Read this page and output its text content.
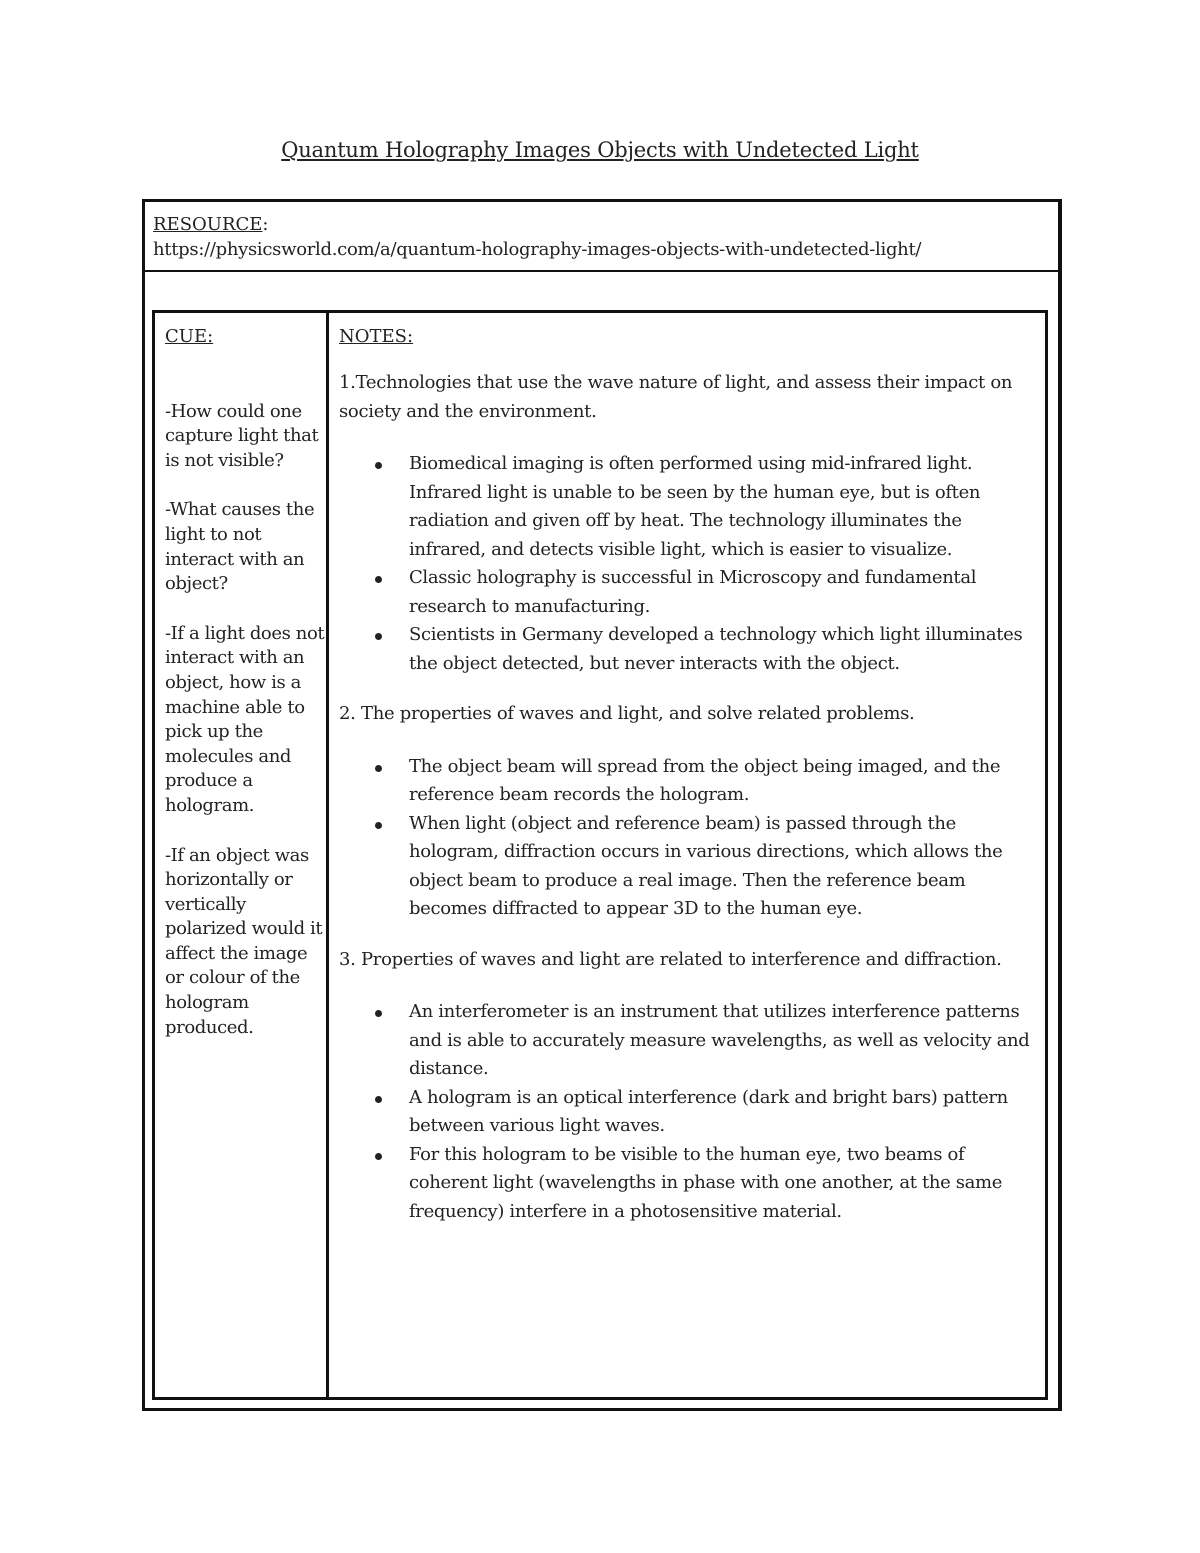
Quantum Holography Images Objects with Undetected Light
RESOURCE:
https://physicsworld.com/a/quantum-holography-images-objects-with-undetected-light/
CUE:
-How could one capture light that is not visible?
-What causes the light to not interact with an object?
-If a light does not interact with an object, how is a machine able to pick up the molecules and produce a hologram.
-If an object was horizontally or vertically polarized would it affect the image or colour of the hologram produced.
NOTES:
1.Technologies that use the wave nature of light, and assess their impact on society and the environment.
Biomedical imaging is often performed using mid-infrared light. Infrared light is unable to be seen by the human eye, but is often radiation and given off by heat. The technology illuminates the infrared, and detects visible light, which is easier to visualize.
Classic holography is successful in Microscopy and fundamental research to manufacturing.
Scientists in Germany developed a technology which light illuminates the object detected, but never interacts with the object.
2. The properties of waves and light, and solve related problems.
The object beam will spread from the object being imaged, and the reference beam records the hologram.
When light (object and reference beam) is passed through the hologram, diffraction occurs in various directions, which allows the object beam to produce a real image. Then the reference beam becomes diffracted to appear 3D to the human eye.
3. Properties of waves and light are related to interference and diffraction.
An interferometer is an instrument that utilizes interference patterns and is able to accurately measure wavelengths, as well as velocity and distance.
A hologram is an optical interference (dark and bright bars) pattern between various light waves.
For this hologram to be visible to the human eye, two beams of coherent light (wavelengths in phase with one another, at the same frequency) interfere in a photosensitive material.
